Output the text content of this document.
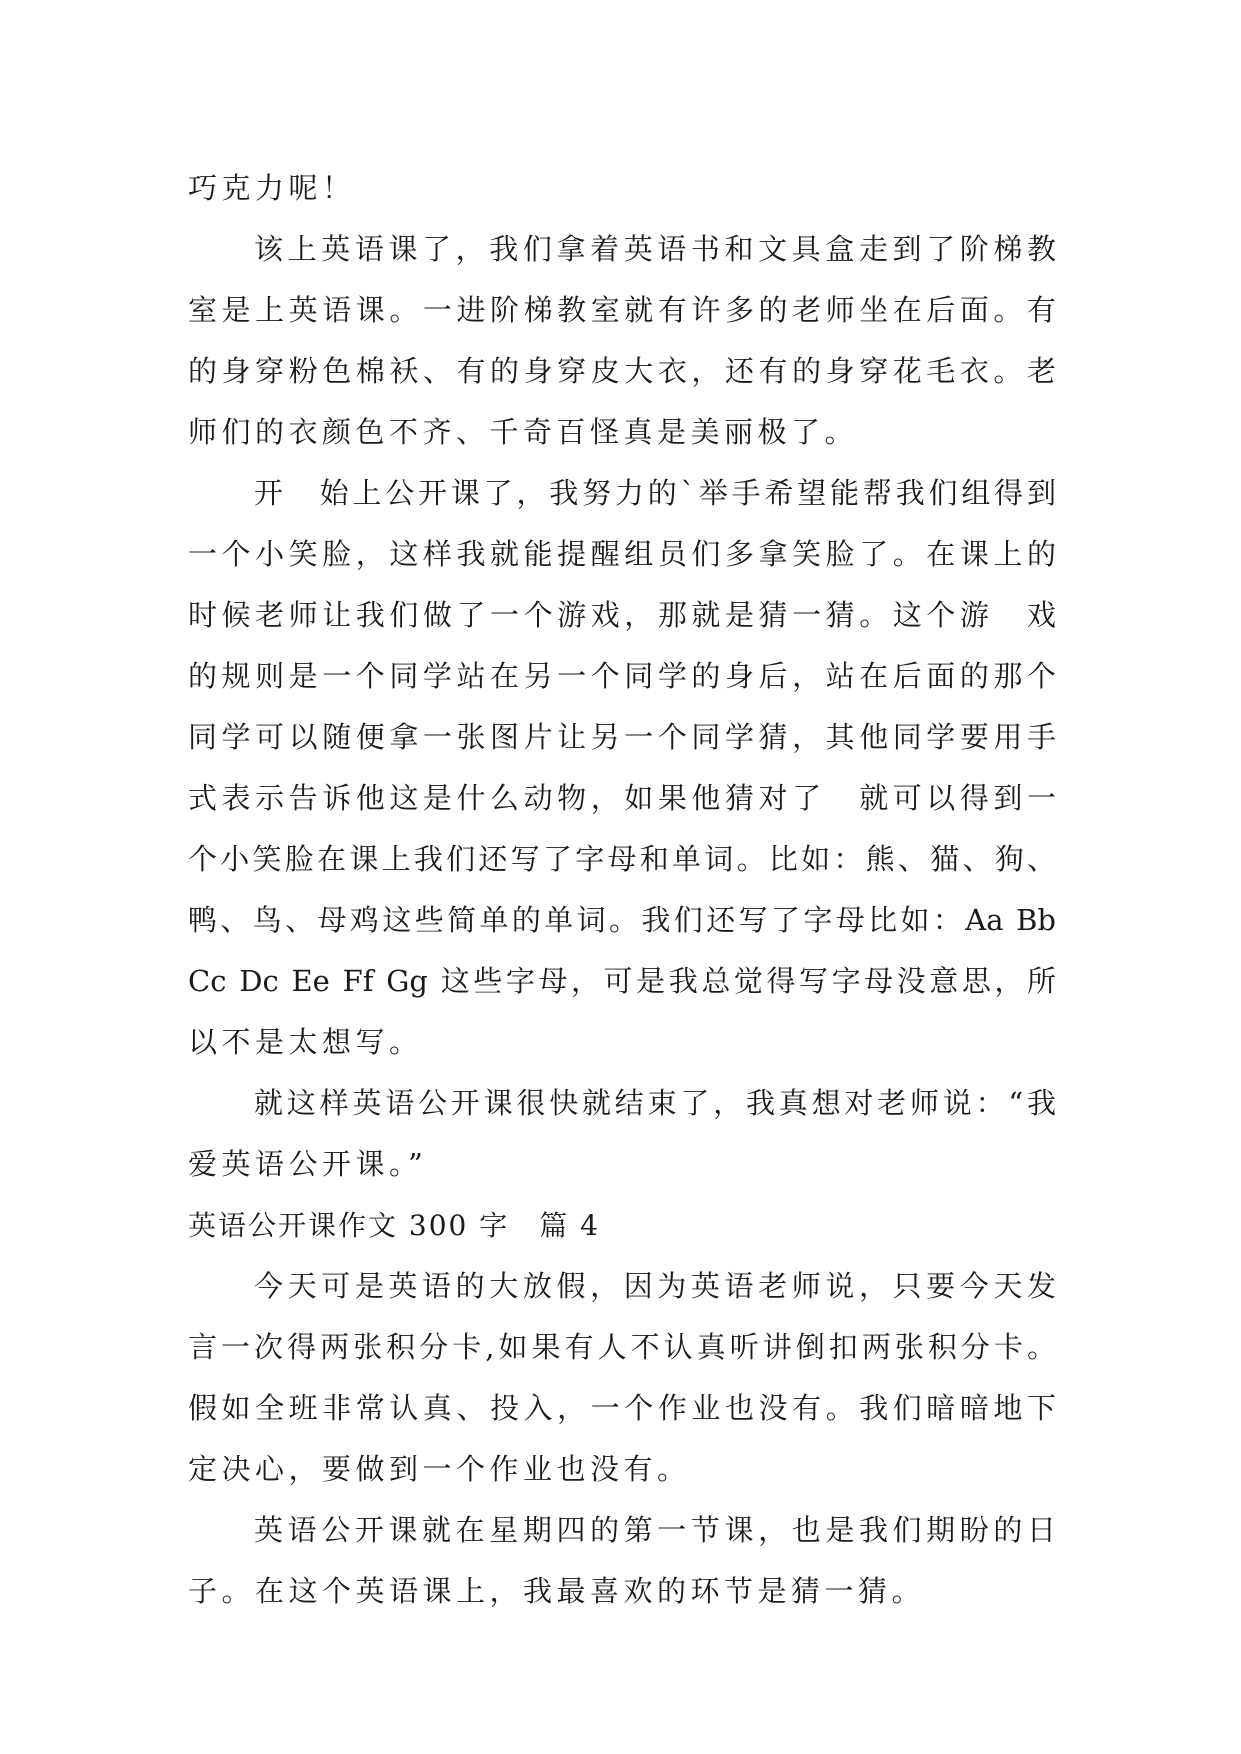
巧克力呢！
该上英语课了，我们拿着英语书和文具盒走到了阶梯教
室是上英语课。一进阶梯教室就有许多的老师坐在后面。有
的身穿粉色棉袄、有的身穿皮大衣，还有的身穿花毛衣。老
师们的衣颜色不齐、千奇百怪真是美丽极了。
开　始上公开课了，我努力的`举手希望能帮我们组得到
一个小笑脸，这样我就能提醒组员们多拿笑脸了。在课上的
时候老师让我们做了一个游戏，那就是猜一猜。这个游　戏
的规则是一个同学站在另一个同学的身后，站在后面的那个
同学可以随便拿一张图片让另一个同学猜，其他同学要用手
式表示告诉他这是什么动物，如果他猜对了　就可以得到一
个小笑脸在课上我们还写了字母和单词。比如：熊、猫、狗、
鸭、鸟、母鸡这些简单的单词。我们还写了字母比如：Aa Bb
Cc Dc Ee Ff Gg 这些字母，可是我总觉得写字母没意思，所
以不是太想写。
就这样英语公开课很快就结束了，我真想对老师说：“我
爱英语公开课。”
英语公开课作文 300 字　篇 4
今天可是英语的大放假，因为英语老师说，只要今天发
言一次得两张积分卡,如果有人不认真听讲倒扣两张积分卡。
假如全班非常认真、投入，一个作业也没有。我们暗暗地下
定决心，要做到一个作业也没有。
英语公开课就在星期四的第一节课，也是我们期盼的日
子。在这个英语课上，我最喜欢的环节是猜一猜。
